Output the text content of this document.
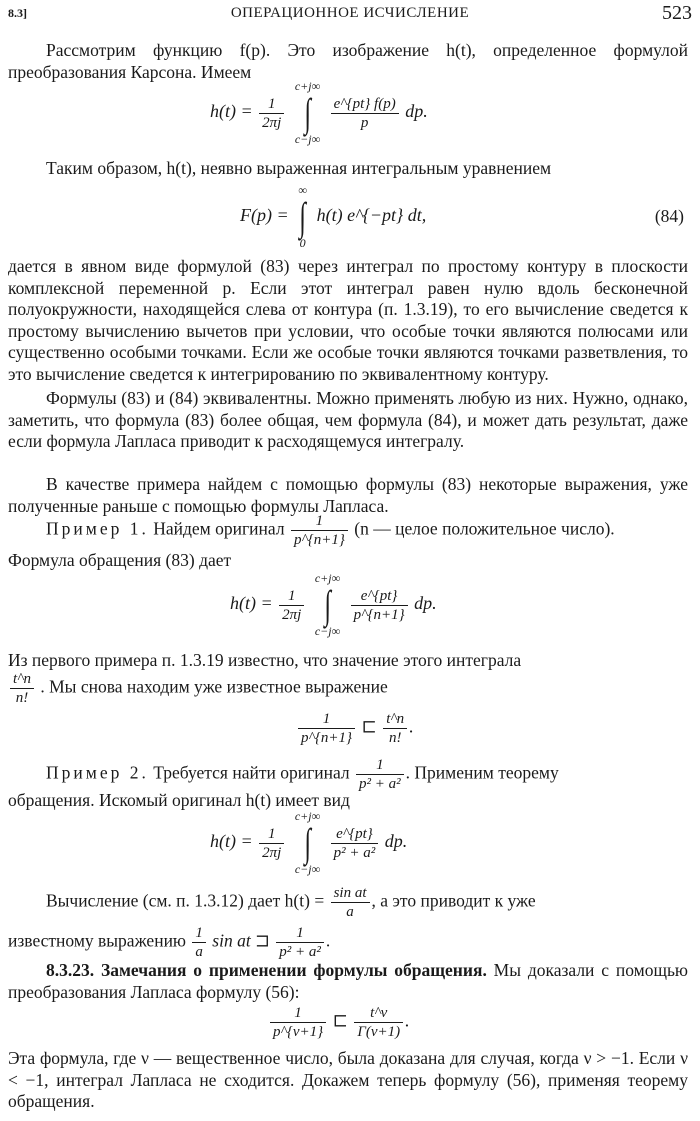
8.3]	ОПЕРАЦИОННОЕ ИСЧИСЛЕНИЕ	523
Рассмотрим функцию f(p). Это изображение h(t), определенное формулой преобразования Карсона. Имеем
$h(t) = \frac{1}{2\pi j}$

c+j∞
∫
c−j∞

$\frac{e\^{}\{pt\} f(p)}{p}$ dp.
Таким образом, h(t), неявно выраженная интегральным уравнением
F(p) =
∞
∫
0
h(t) e^{−pt} dt,	(84)
дается в явном виде формулой (83) через интеграл по простому контуру в плоскости комплексной переменной p. Если этот интеграл равен нулю вдоль бесконечной полуокружности, находящейся слева от контура (п. 1.3.19), то его вычисление сведется к простому вычислению вычетов при условии, что особые точки являются полюсами или существенно особыми точками. Если же особые точки являются точками разветвления, то это вычисление сведется к интегрированию по эквивалентному контуру.
Формулы (83) и (84) эквивалентны. Можно применять любую из них. Нужно, однако, заметить, что формула (83) более общая, чем формула (84), и может дать результат, даже если формула Лапласа приводит к расходящемуся интегралу.
В качестве примера найдем с помощью формулы (83) некоторые выражения, уже полученные раньше с помощью формулы Лапласа.
Пример 1. Найдем оригинал $\frac{1}{p\^{}\{n+1\}} (n$ — целое положительное число).
Формула обращения (83) дает
$h(t) = \frac{1}{2\pi j}$

c+j∞
∫
c−j∞

$\frac{e\^{}\{pt\}}{p\^{}\{n+1\}}$ dp.
Из первого примера п. 1.3.19 известно, что значение этого интеграла
$\frac{t\^{}n}{n!}$ . Мы снова находим уже известное выражение
$\frac{1}{p\^{}\{n+1\}}$ ⊏ $\frac{t\^{}n}{n!}$ .
Пример 2. Требуется найти оригинал $\frac{1}{\text{p² + a²}}$ . Применим теорему
обращения. Искомый оригинал h(t) имеет вид
$h(t) = \frac{1}{2\pi j}$

c+j∞
∫
c−j∞

$\frac{e\^{}\{pt\}}{\text{p² + a²}}$ dp.
Вычисление (см. п. 1.3.12) дает $h(t) = \frac{\text{sin at}}{a}$ , а это приводит к уже
известному выражению $\frac{1}{a}$ sin at ⊐ $\frac{1}{\text{p² + a²}}$ .
8.3.23. Замечания о применении формулы обращения. Мы доказали с помощью преобразования Лапласа формулу (56):
$\frac{1}{p\^{}\{\nu+1\}}$ ⊏ $\frac{t\^{}\nu}{\Gamma(\nu+1)}$ .
Эта формула, где ν — вещественное число, была доказана для случая, когда ν > −1. Если ν < −1, интеграл Лапласа не сходится. Докажем теперь формулу (56), применяя теорему обращения.
